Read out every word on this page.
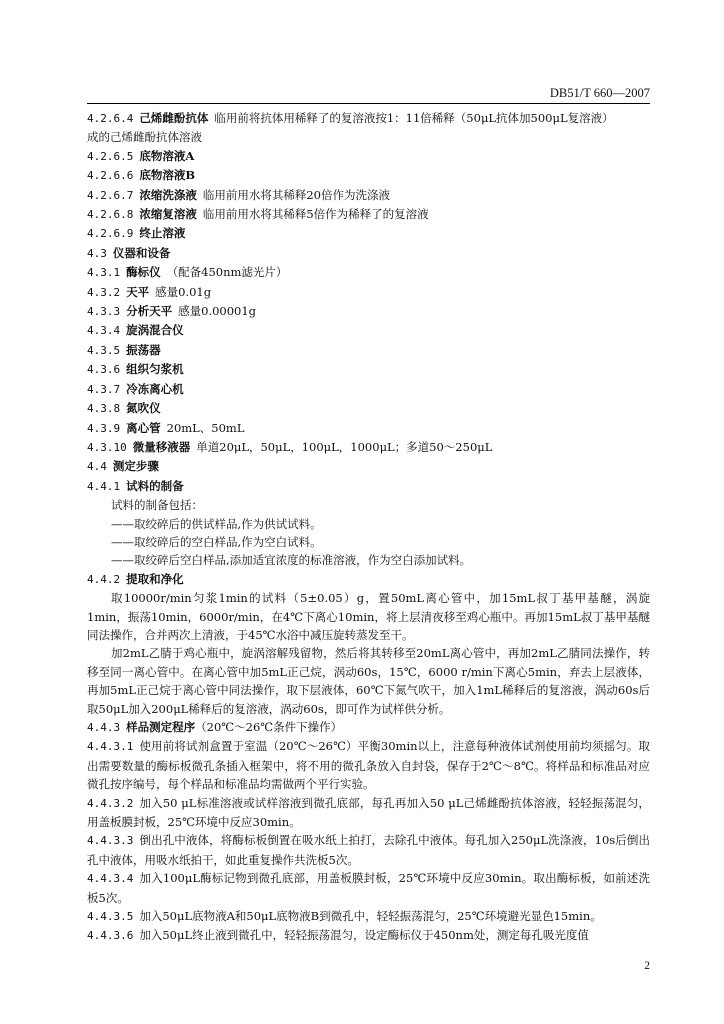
DB51/T 660—2007
4.2.6.4 己烯雌酚抗体 临用前将抗体用稀释了的复溶液按1：11倍稀释（50μL抗体加500μL复溶液）
成的己烯雌酚抗体溶液
4.2.6.5 底物溶液A
4.2.6.6 底物溶液B
4.2.6.7 浓缩洗涤液 临用前用水将其稀释20倍作为洗涤液
4.2.6.8 浓缩复溶液 临用前用水将其稀释5倍作为稀释了的复溶液
4.2.6.9 终止溶液
4.3 仪器和设备
4.3.1 酶标仪 （配备450nm滤光片）
4.3.2 天平 感量0.01g
4.3.3 分析天平 感量0.00001g
4.3.4 旋涡混合仪
4.3.5 振荡器
4.3.6 组织匀浆机
4.3.7 冷冻离心机
4.3.8 氮吹仪
4.3.9 离心管 20mL、50mL
4.3.10 微量移液器 单道20μL，50μL，100μL，1000μL；多道50～250μL
4.4 测定步骤
4.4.1 试料的制备
试料的制备包括：
——取绞碎后的供试样品,作为供试试料。
——取绞碎后的空白样品,作为空白试料。
——取绞碎后空白样品,添加适宜浓度的标准溶液，作为空白添加试料。
4.4.2 提取和净化
取10000r/min匀浆1min的试料（5±0.05）g，置50mL离心管中，加15mL叔丁基甲基醚，涡旋1min，振荡10min，6000r/min，在4℃下离心10min，将上层清夜移至鸡心瓶中。再加15mL叔丁基甲基醚同法操作，合并两次上清液，于45℃水浴中减压旋转蒸发至干。
加2mL乙腈于鸡心瓶中，旋涡溶解残留物，然后将其转移至20mL离心管中，再加2mL乙腈同法操作，转移至同一离心管中。在离心管中加5mL正己烷，涡动60s，15℃，6000 r/min下离心5min，弃去上层液体，再加5mL正己烷于离心管中同法操作，取下层液体，60℃下氮气吹干，加入1mL稀释后的复溶液，涡动60s后取50μL加入200μL稀释后的复溶液，涡动60s，即可作为试样供分析。
4.4.3 样品测定程序（20℃～26℃条件下操作）
4.4.3.1 使用前将试剂盒置于室温（20℃～26℃）平衡30min以上，注意每种液体试剂使用前均须摇匀。取出需要数量的酶标板微孔条插入框架中，将不用的微孔条放入自封袋，保存于2℃～8℃。将样品和标准品对应微孔按序编号，每个样品和标准品均需做两个平行实验。
4.4.3.2 加入50 μL标准溶液或试样溶液到微孔底部，每孔再加入50 μL己烯雌酚抗体溶液，轻轻振荡混匀，用盖板膜封板，25℃环境中反应30min。
4.4.3.3 倒出孔中液体，将酶标板倒置在吸水纸上拍打，去除孔中液体。每孔加入250μL洗涤液，10s后倒出孔中液体，用吸水纸拍干，如此重复操作共洗板5次。
4.4.3.4 加入100μL酶标记物到微孔底部，用盖板膜封板，25℃环境中反应30min。取出酶标板，如前述洗板5次。
4.4.3.5 加入50μL底物液A和50μL底物液B到微孔中，轻轻振荡混匀，25℃环境避光显色15min。
4.4.3.6 加入50μL终止液到微孔中，轻轻振荡混匀，设定酶标仪于450nm处，测定每孔吸光度值
2
